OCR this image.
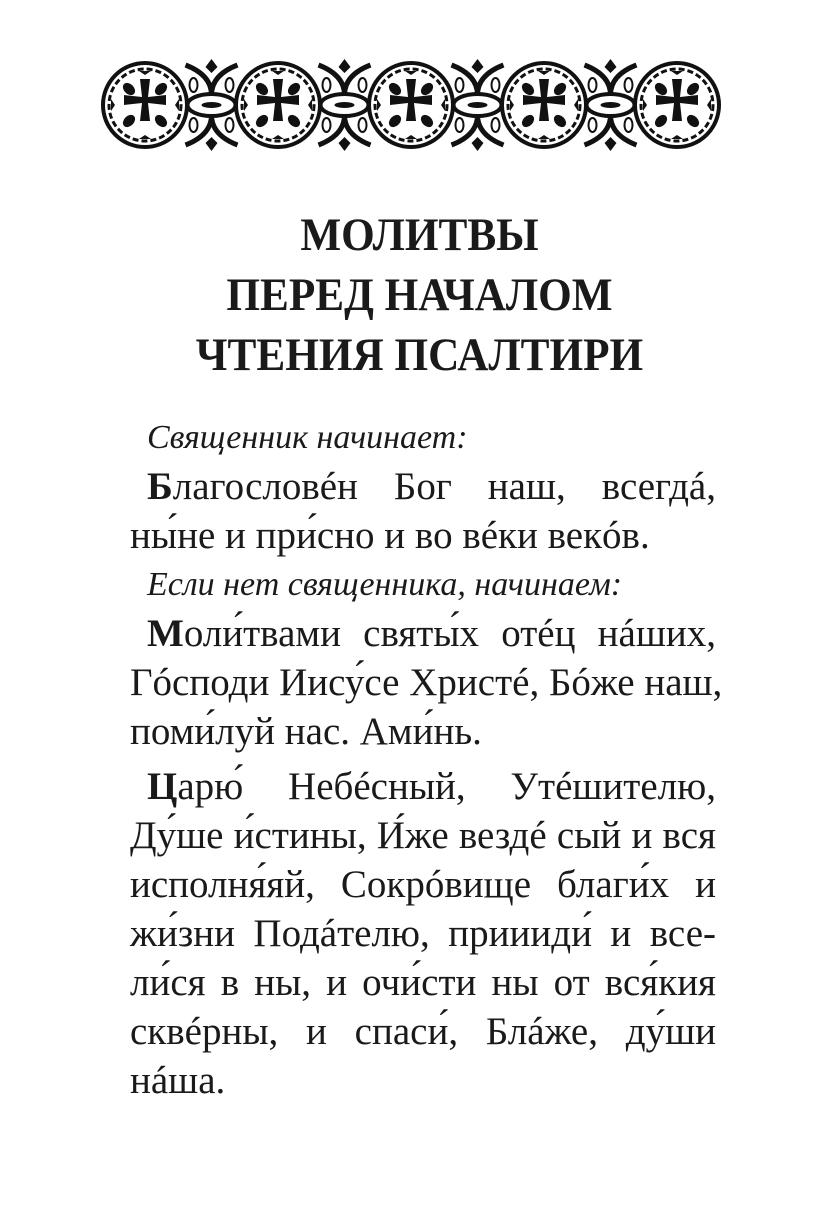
МОЛИТВЫ
ПЕРЕД НАЧАЛОМ
ЧТЕНИЯ ПСАЛТИРИ
Священник начинает:
Благословéн Бог наш, всегдá,
ны́не и при́сно и во вéки векóв.
Если нет священника, начинаем:
Моли́твами святы́х отéц нáших,
Гóсподи Иису́се Христé, Бóже наш,
поми́луй нас. Ами́нь.
Царю́ Небéсный, Утéшителю,
Ду́ше и́стины, И́же вездé сый и вся
исполня́яй, Сокрóвище благи́х и
жи́зни Подáтелю, приииди́ и все-
ли́ся в ны, и очи́сти ны от вся́кия
сквéрны, и спаси́, Блáже, ду́ши
нáша.
